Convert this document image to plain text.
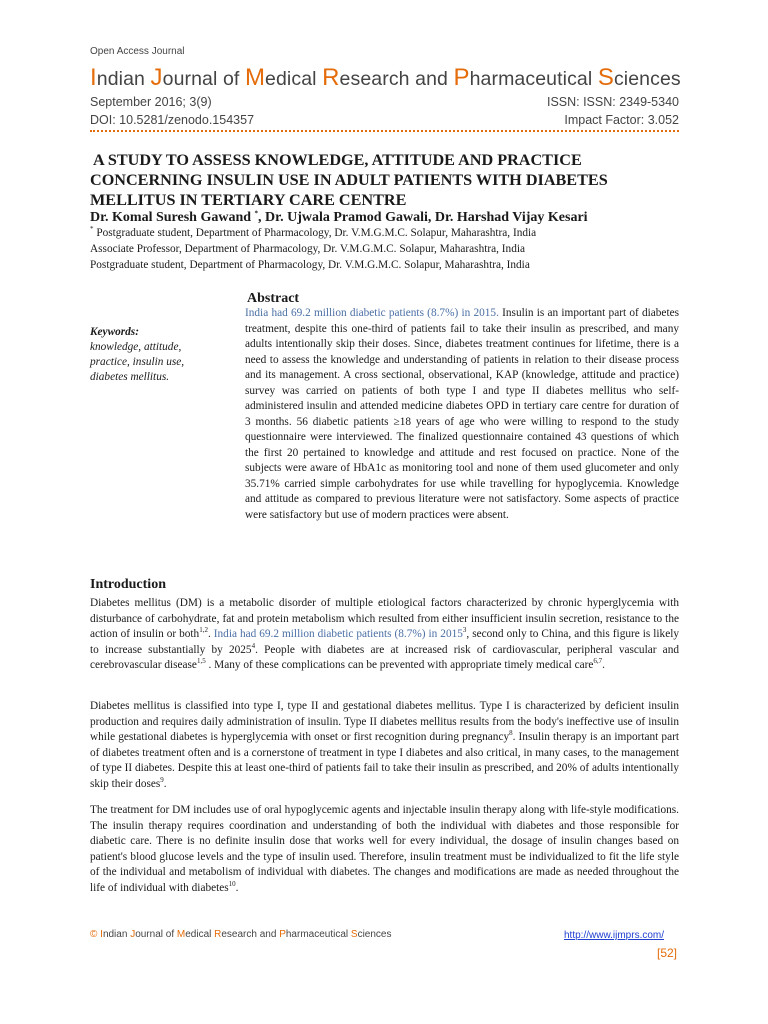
Open Access Journal
Indian Journal of Medical Research and Pharmaceutical Sciences
September 2016; 3(9)	ISSN: ISSN: 2349-5340
DOI: 10.5281/zenodo.154357	Impact Factor: 3.052
A STUDY TO ASSESS KNOWLEDGE, ATTITUDE AND PRACTICE CONCERNING INSULIN USE IN ADULT PATIENTS WITH DIABETES MELLITUS IN TERTIARY CARE CENTRE
Dr. Komal Suresh Gawand *, Dr. Ujwala Pramod Gawali, Dr. Harshad Vijay Kesari
* Postgraduate student, Department of Pharmacology, Dr. V.M.G.M.C. Solapur, Maharashtra, India
Associate Professor, Department of Pharmacology, Dr. V.M.G.M.C. Solapur, Maharashtra, India
Postgraduate student, Department of Pharmacology, Dr. V.M.G.M.C. Solapur, Maharashtra, India
Abstract
Keywords:
knowledge, attitude, practice, insulin use, diabetes mellitus.
India had 69.2 million diabetic patients (8.7%) in 2015. Insulin is an important part of diabetes treatment, despite this one-third of patients fail to take their insulin as prescribed, and many adults intentionally skip their doses. Since, diabetes treatment continues for lifetime, there is a need to assess the knowledge and understanding of patients in relation to their disease process and its management. A cross sectional, observational, KAP (knowledge, attitude and practice) survey was carried on patients of both type I and type II diabetes mellitus who self-administered insulin and attended medicine diabetes OPD in tertiary care centre for duration of 3 months. 56 diabetic patients ≥18 years of age who were willing to respond to the study questionnaire were interviewed. The finalized questionnaire contained 43 questions of which the first 20 pertained to knowledge and attitude and rest focused on practice. None of the subjects were aware of HbA1c as monitoring tool and none of them used glucometer and only 35.71% carried simple carbohydrates for use while travelling for hypoglycemia. Knowledge and attitude as compared to previous literature were not satisfactory. Some aspects of practice were satisfactory but use of modern practices were absent.
Introduction
Diabetes mellitus (DM) is a metabolic disorder of multiple etiological factors characterized by chronic hyperglycemia with disturbance of carbohydrate, fat and protein metabolism which resulted from either insufficient insulin secretion, resistance to the action of insulin or both$^{1,2}$. India had 69.2 million diabetic patients (8.7%) in 2015$^3$, second only to China, and this figure is likely to increase substantially by 2025$^4$. People with diabetes are at increased risk of cardiovascular, peripheral vascular and cerebrovascular disease$^{1,5}$ . Many of these complications can be prevented with appropriate timely medical care$^{6,7}$.
Diabetes mellitus is classified into type I, type II and gestational diabetes mellitus. Type I is characterized by deficient insulin production and requires daily administration of insulin. Type II diabetes mellitus results from the body's ineffective use of insulin while gestational diabetes is hyperglycemia with onset or first recognition during pregnancy$^8$. Insulin therapy is an important part of diabetes treatment often and is a cornerstone of treatment in type I diabetes and also critical, in many cases, to the management of type II diabetes. Despite this at least one-third of patients fail to take their insulin as prescribed, and 20% of adults intentionally skip their doses$^9$.
The treatment for DM includes use of oral hypoglycemic agents and injectable insulin therapy along with life-style modifications. The insulin therapy requires coordination and understanding of both the individual with diabetes and those responsible for diabetic care. There is no definite insulin dose that works well for every individual, the dosage of insulin changes based on patient's blood glucose levels and the type of insulin used. Therefore, insulin treatment must be individualized to fit the life style of the individual and metabolism of individual with diabetes. The changes and modifications are made as needed throughout the life of individual with diabetes$^{10}$.
© Indian Journal of Medical Research and Pharmaceutical Sciences	http://www.ijmprs.com/
[52]
